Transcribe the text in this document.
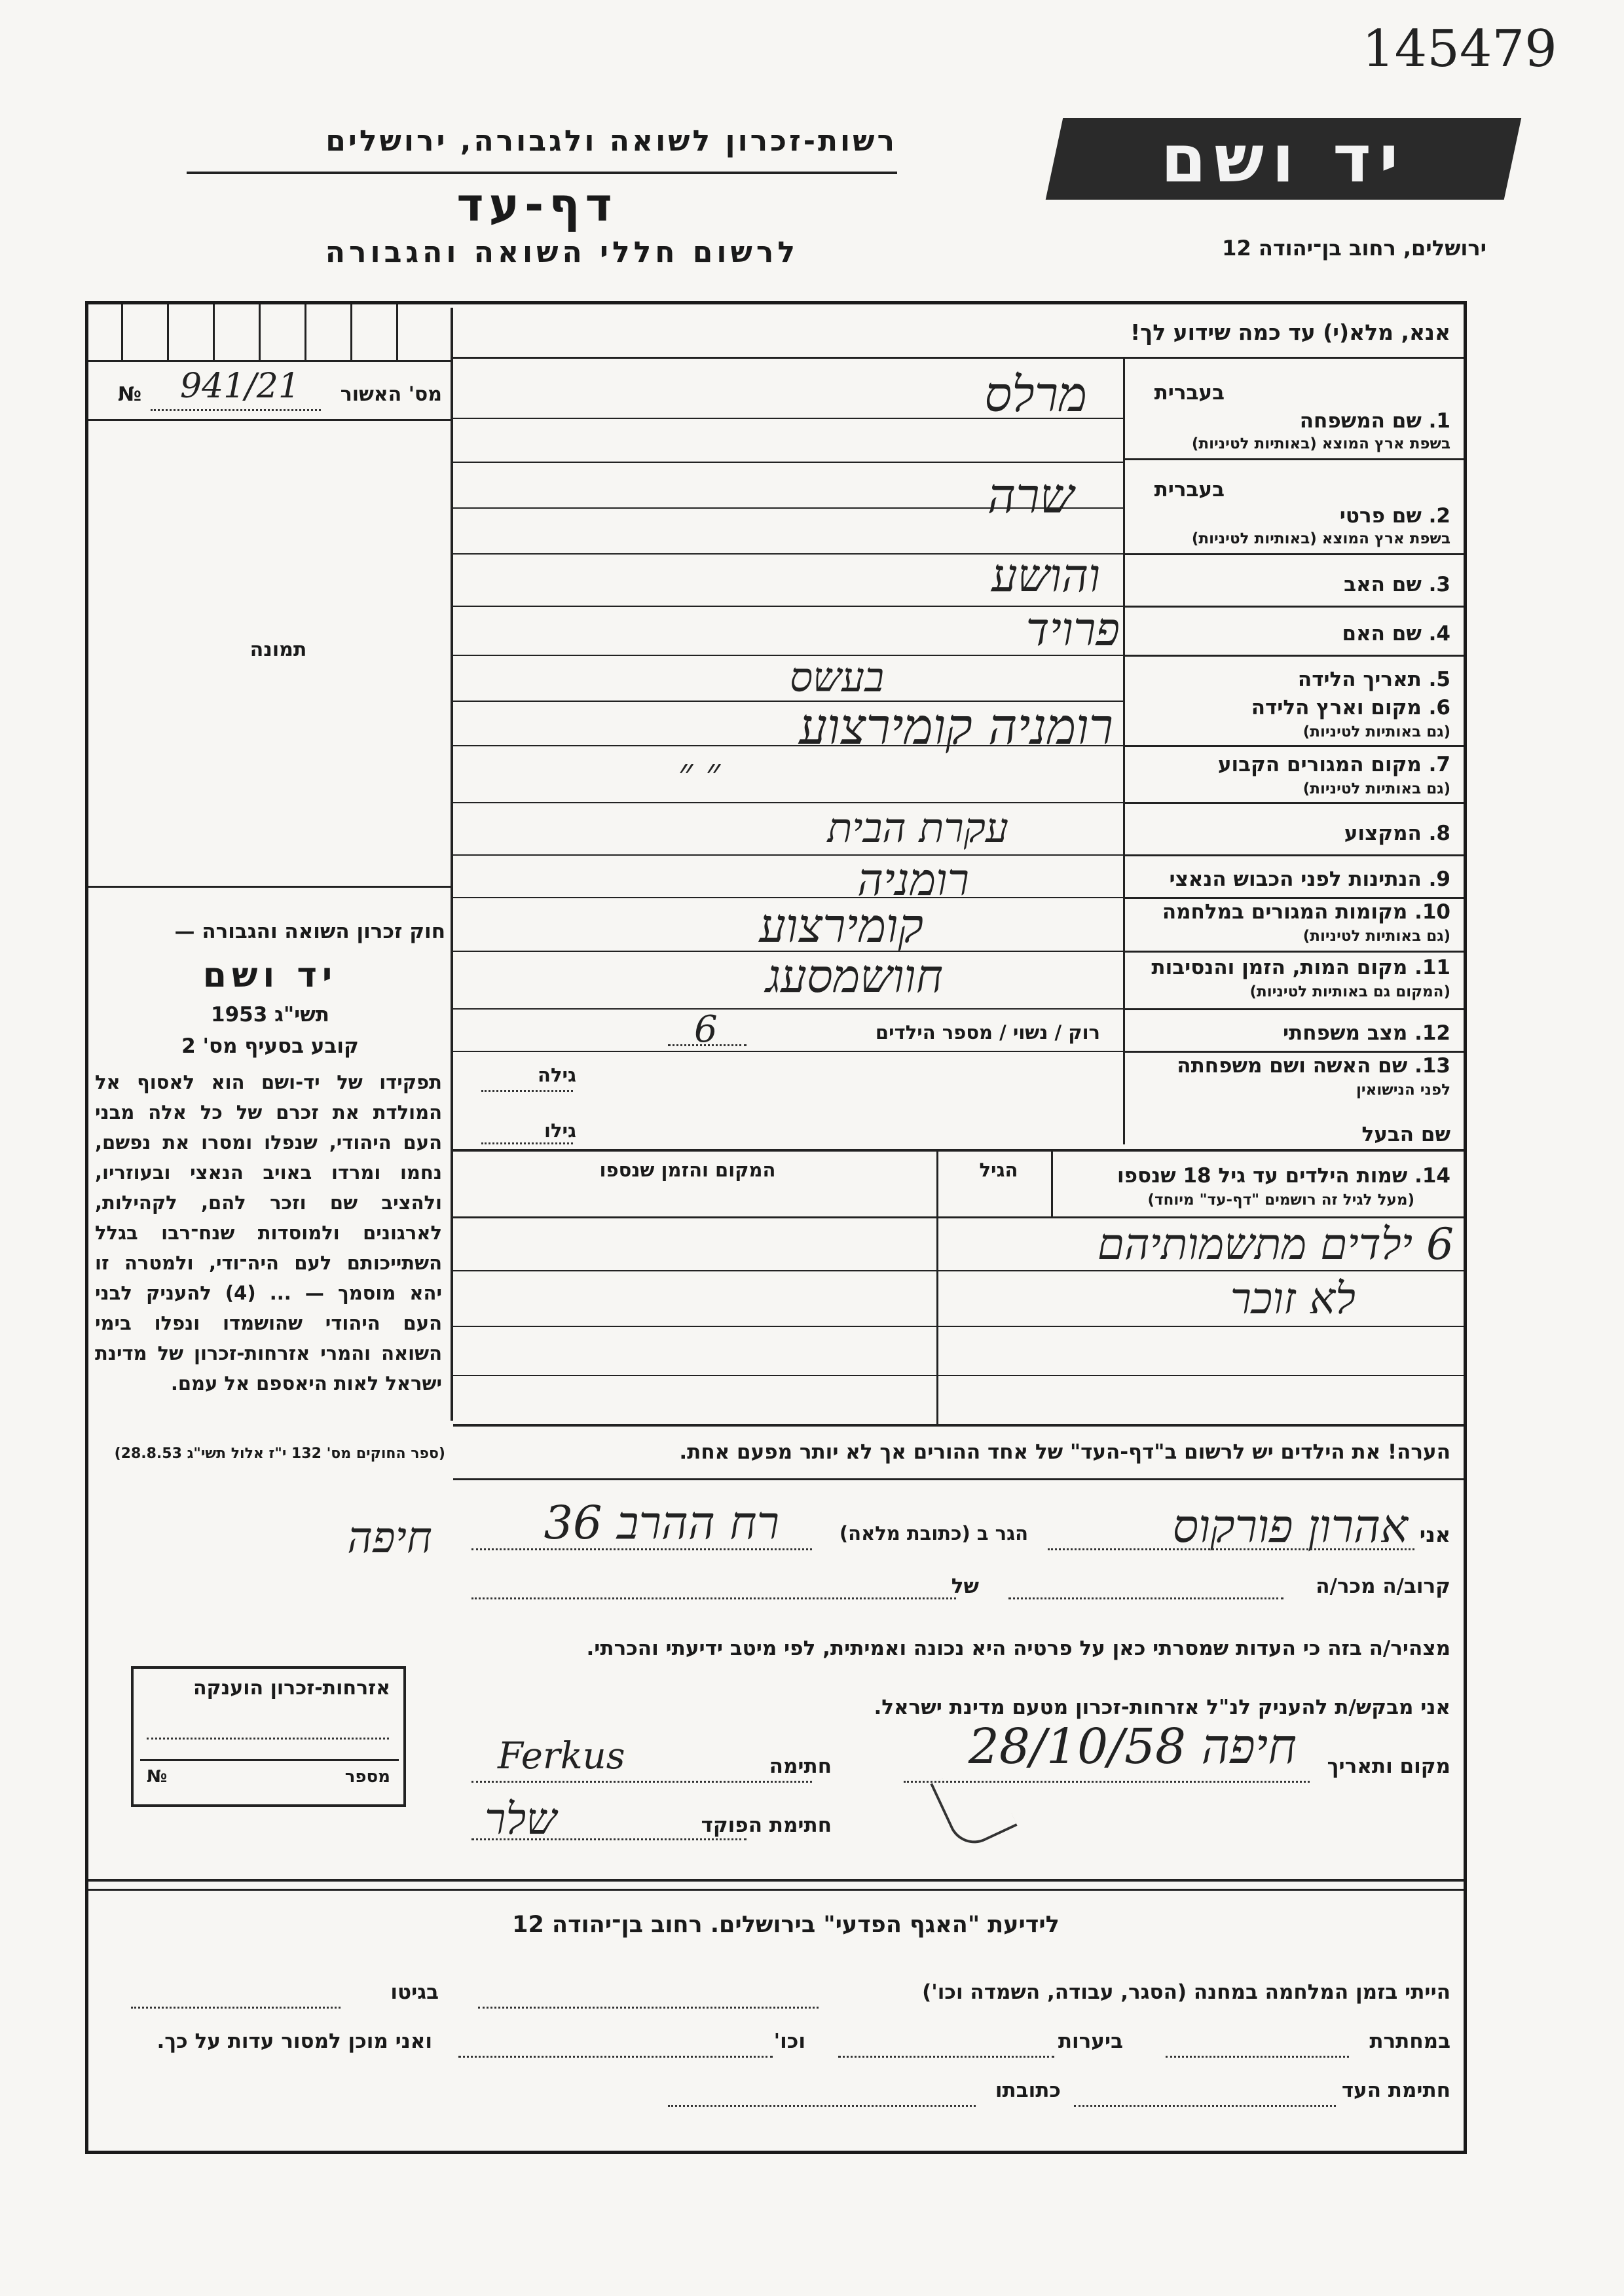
145479
רשות-זכרון לשואה ולגבורה, ירושלים
דף-עד
לרשום חללי השואה והגבורה
יד ושם
ירושלים, רחוב בן־יהודה 12
מס' האשור
№ 941/21
תמונה
חוק זכרון השואה והגבורה —
יד ושם
תשי"ג 1953
קובע בסעיף מס' 2
תפקידו של יד-ושם הוא לאסוף אל המולדת את זכרם של כל אלה מבני העם היהודי, שנפלו ומסרו את נפשם, נחמו ומרדו באויב הנאצי ובעוזריו, ולהציב שם וזכר להם, לקהילות, לארגונים ולמוסדות שנח־רבו בגלל השתייכותם לעם היה־ודי, ולמטרה זו יהא מוסמך — ... (4) להעניק לבני העם היהודי שהושמדו ונפלו בימי השואה והמרי אזרחות-זכרון של מדינת ישראל לאות היאספם אל עמם.
(ספר החוקים מס' 132 י"ז אלול תשי"ג 28.8.53)
אנא, מלא(י) עד כמה שידוע לך!
בעברית
1. שם המשפחה
בשפת ארץ המוצא (באותיות לטיניות)
בעברית
2. שם פרטי
בשפת ארץ המוצא (באותיות לטיניות)
3. שם האב
4. שם האם
5. תאריך הלידה
6. מקום וארץ הלידה
(גם באותיות לטיניות)
7. מקום המגורים הקבוע
(גם באותיות לטיניות)
8. המקצוע
9. הנתינות לפני הכבוש הנאצי
10. מקומות המגורים במלחמה
(גם באותיות לטיניות)
11. מקום המות, הזמן והנסיבות
(המקום גם באותיות לטיניות)
12. מצב משפחתי
13. שם האשה ושם משפחתה
לפני הנישואין
שם הבעל
מרלס
שרה
והושע
פרויד
בעשס
רומניה קומירצוע
״ ״
עקרת הבית
רומניה
קומירצוע
חוושמסעג
רוק / נשוי / מספר הילדים
6
גילה
גילו
14. שמות הילדים עד גיל 18 שנספו
(מעל לגיל זה רושמים "דף-עד" מיוחד)
הגיל
המקום והזמן שנספו
6 ילדים מתשמותיהם
לא זוכר
הערה! את הילדים יש לרשום ב"דף-העד" של אחד ההורים אך לא יותר מפעם אחת.
אני
אהרון פורקוס
הגר ב (כתובת מלאה)
רח ההרב 36
חיפה
קרוב/ה מכר/ה
של
מצהיר/ה בזה כי העדות שמסרתי כאן על פרטיה היא נכונה ואמיתית, לפי מיטב ידיעתי והכרתי.
אני מבקש/ת להעניק לנ"ל אזרחות-זכרון מטעם מדינת ישראל.
מקום ותאריך
חיפה 28/10/58
חתימה
Ferkus
חתימת הפוקד
שלר
אזרחות-זכרון הוענקה
מספר
№
לידיעת "האגף הפדעי" בירושלים. רחוב בן־יהודה 12
הייתי בזמן המלחמה במחנה (הסגר, עבודה, השמדה וכו')
בגיטו
במחתרת
ביערות
וכו'
ואני מוכן למסור עדות על כך.
חתימת העד
כתובתו
